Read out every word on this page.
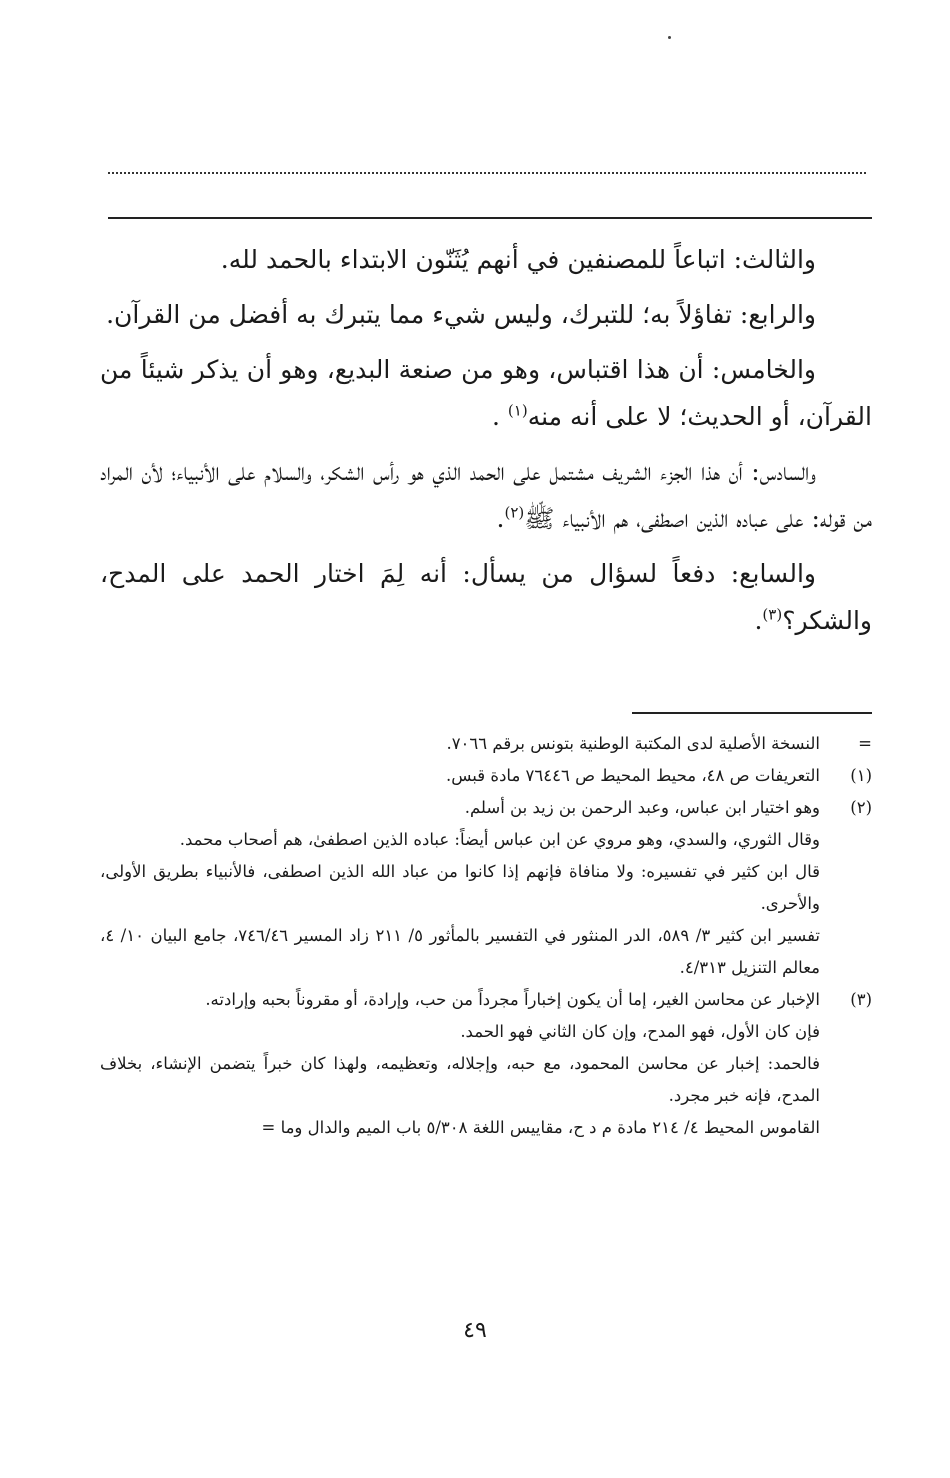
والثالث: اتباعاً للمصنفين في أنهم يُثَنّون الابتداء بالحمد لله.

والرابع: تفاؤلاً به؛ للتبرك، وليس شيء مما يتبرك به أفضل من القرآن.

والخامس: أن هذا اقتباس، وهو من صنعة البديع، وهو أن يذكر شيئاً من القرآن، أو الحديث؛ لا على أنه منه$^{(١)}$ .

والسادس: أن هذا الجزء الشريف مشتمل على الحمد الذي هو رأس الشكر، والسلام على الأنبياء؛ لأن المراد من قوله: على عباده الذين اصطفى، هم الأنبياء ﷺ$^{(٢)}$.

والسابع: دفعاً لسؤال من يسأل: أنه لِمَ اختار الحمد على المدح، والشكر؟$^{(٣)}$.

=
النسخة الأصلية لدى المكتبة الوطنية بتونس برقم ٧٠٦٦.
(١)
التعريفات ص ٤٨، محيط المحيط ص ٧٦٤٤٦ مادة قبس.
(٢)
وهو اختيار ابن عباس، وعبد الرحمن بن زيد بن أسلم.

وقال الثوري، والسدي، وهو مروي عن ابن عباس أيضاً: عباده الذين اصطفىٰ، هم أصحاب محمد.

قال ابن كثير في تفسيره: ولا منافاة فإنهم إذا كانوا من عباد الله الذين اصطفى، فالأنبياء بطريق الأولى، والأحرى.

تفسير ابن كثير ٣/ ٥٨٩، الدر المنثور في التفسير بالمأثور ٥/ ٢١١ زاد المسير ٧٤٦/٤٦، جامع البيان ١٠/ ٤، معالم التنزيل ٤/٣١٣.

(٣)
الإخبار عن محاسن الغير، إما أن يكون إخباراً مجرداً من حب، وإرادة، أو مقروناً بحبه وإرادته.

فإن كان الأول، فهو المدح، وإن كان الثاني فهو الحمد.

فالحمد: إخبار عن محاسن المحمود، مع حبه، وإجلاله، وتعظيمه، ولهذا كان خبراً يتضمن الإنشاء، بخلاف المدح، فإنه خبر مجرد.

القاموس المحيط ٤/ ٢١٤ مادة م د ح، مقاييس اللغة ٥/٣٠٨ باب الميم والدال وما =

٤٩
